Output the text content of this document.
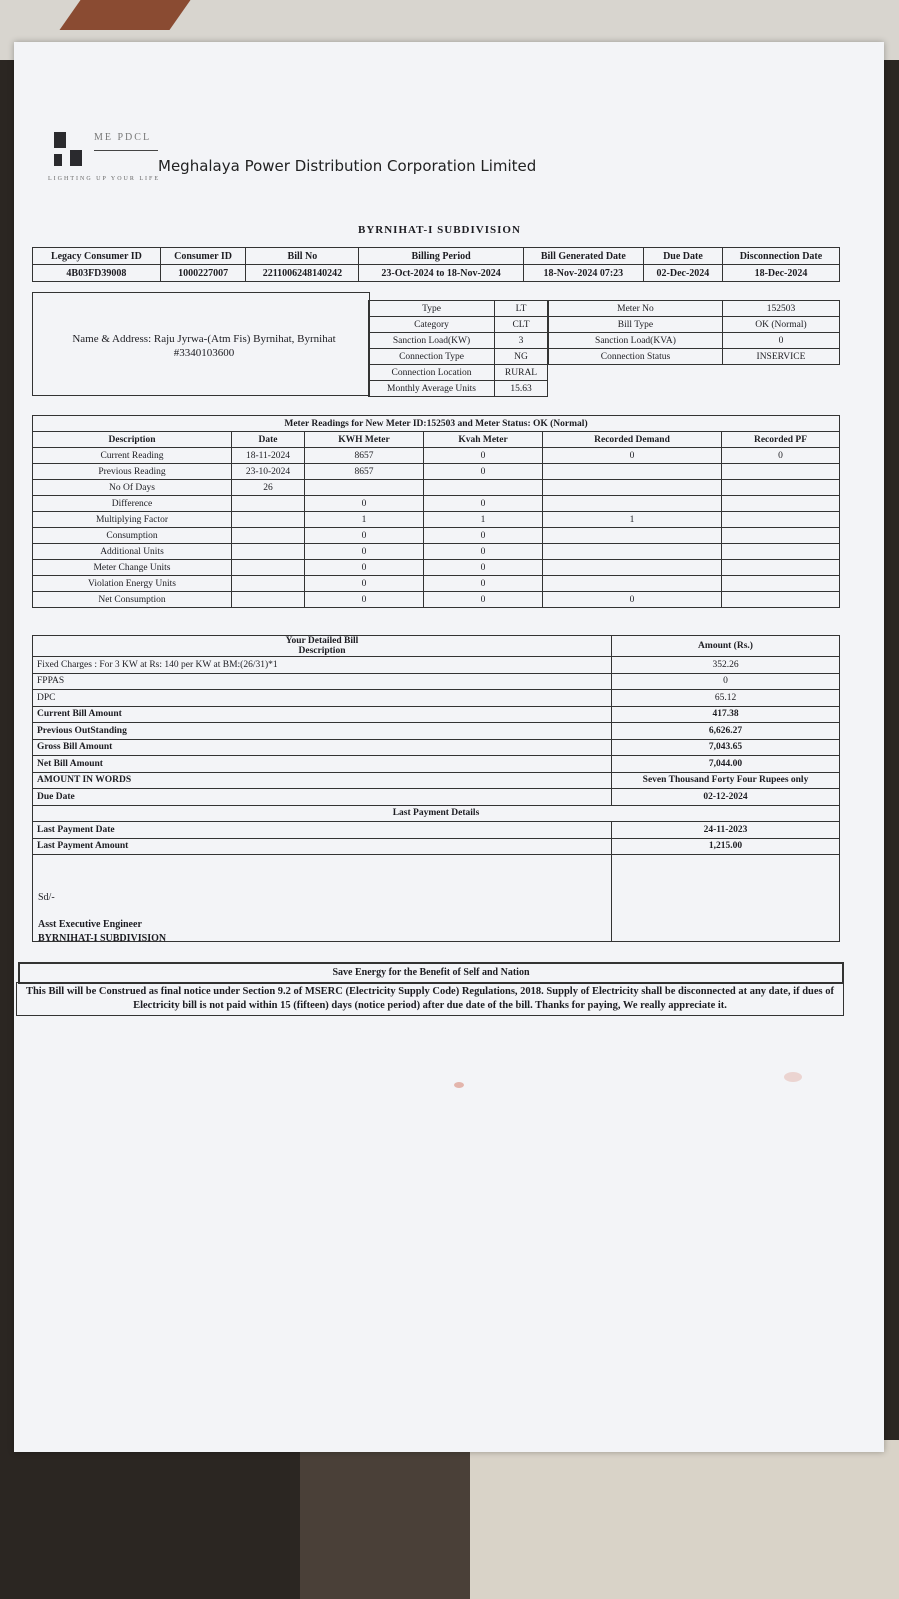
ME PDCL
LIGHTING UP YOUR LIFE
Meghalaya Power Distribution Corporation Limited
BYRNIHAT-I SUBDIVISION
Legacy Consumer ID	Consumer ID	Bill No	Billing Period	Bill Generated Date	Due Date	Disconnection Date
4B03FD39008	1000227007	2211006248140242	23-Oct-2024 to 18-Nov-2024	18-Nov-2024 07:23	02-Dec-2024	18-Dec-2024
Name & Address: Raju Jyrwa-(Atm Fis) Byrnihat, Byrnihat
#3340103600
Type	LT
Category	CLT
Sanction Load(KW)	3
Connection Type	NG
Connection Location	RURAL
Monthly Average Units	15.63
Meter No	152503
Bill Type	OK (Normal)
Sanction Load(KVA)	0
Connection Status	INSERVICE
Meter Readings for New Meter ID:152503 and Meter Status: OK (Normal)					
Description	Date	KWH Meter	Kvah Meter	Recorded Demand	Recorded PF
Current Reading	18-11-2024	8657	0	0	0
Previous Reading	23-10-2024	8657	0		
No Of Days	26				
Difference		0	0		
Multiplying Factor		1	1	1	
Consumption		0	0		
Additional Units		0	0		
Meter Change Units		0	0		
Violation Energy Units		0	0		
Net Consumption		0	0	0	
Your Detailed Bill
Description	Amount (Rs.)
Fixed Charges : For 3 KW at Rs: 140 per KW at BM:(26/31)*1	352.26
FPPAS	0
DPC	65.12
Current Bill Amount	417.38
Previous OutStanding	6,626.27
Gross Bill Amount	7,043.65
Net Bill Amount	7,044.00
AMOUNT IN WORDS	Seven Thousand Forty Four Rupees only
Due Date	02-12-2024
Last Payment Details	
Last Payment Date	24-11-2023
Last Payment Amount	1,215.00

Sd/-
Asst Executive Engineer
BYRNIHAT-I SUBDIVISION
Save Energy for the Benefit of Self and Nation
This Bill will be Construed as final notice under Section 9.2 of MSERC (Electricity Supply Code) Regulations, 2018. Supply of Electricity shall be disconnected at any date, if dues of Electricity bill is not paid within 15 (fifteen) days (notice period) after due date of the bill. Thanks for paying, We really appreciate it.
